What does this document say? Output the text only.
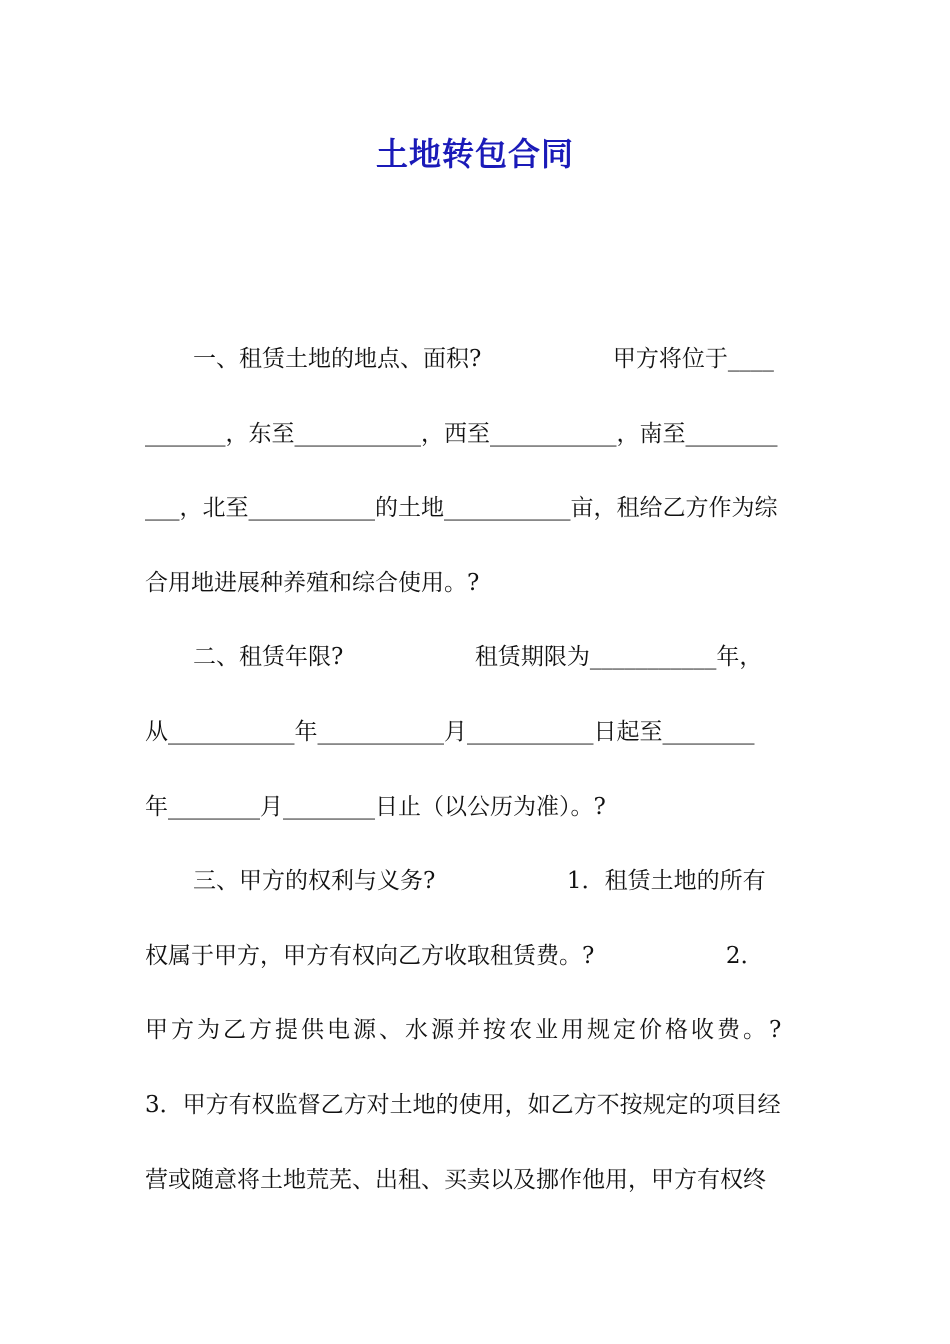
土地转包合同
一、租赁土地的地点、面积?                  甲方将位于____
_______，东至___________，西至___________，南至________
___，北至___________的土地___________亩，租给乙方作为综
合用地进展种养殖和综合使用。?
二、租赁年限?                  租赁期限为___________年，
从___________年___________月___________日起至________
年________月________日止（以公历为准）。?
三、甲方的权利与义务?                  1．租赁土地的所有
权属于甲方，甲方有权向乙方收取租赁费。?                  2．
甲方为乙方提供电源、水源并按农业用规定价格收费。?
3．甲方有权监督乙方对土地的使用，如乙方不按规定的项目经
营或随意将土地荒芜、出租、买卖以及挪作他用，甲方有权终
